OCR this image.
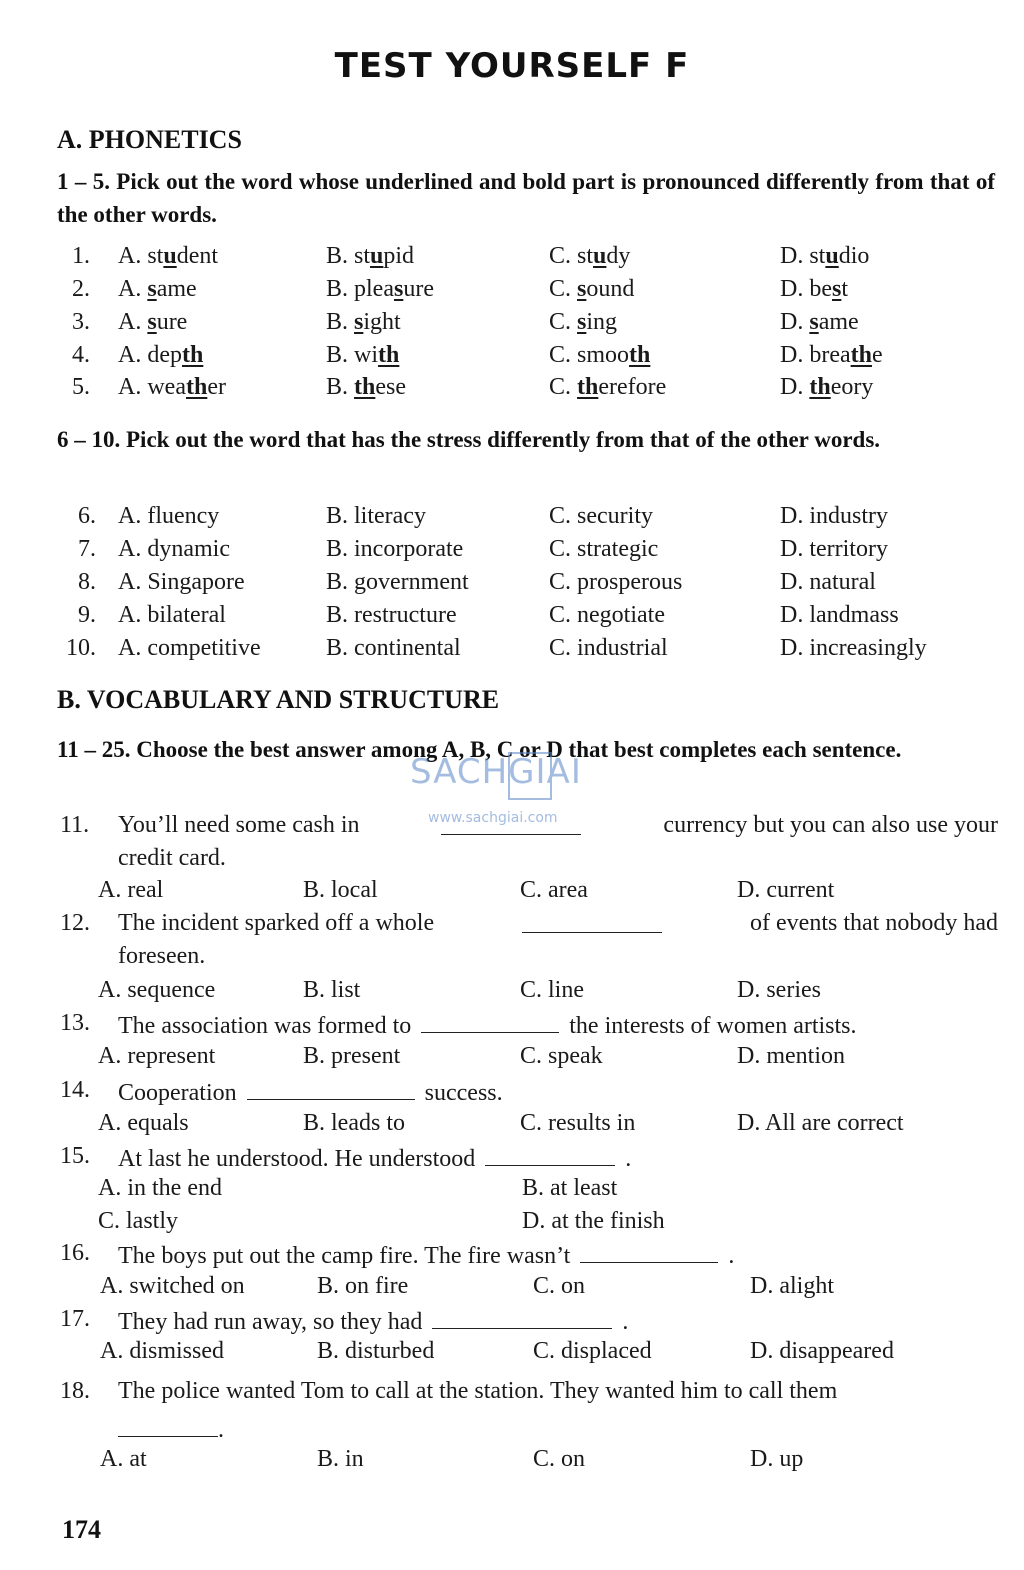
TEST YOURSELF F
A. PHONETICS
1 – 5. Pick out the word whose underlined and bold part is pronounced differently from that of the other words.
1. A. student	B. stupid	C. study	D. studio
2. A. same	B. pleasure	C. sound	D. best
3. A. sure	B. sight	C. sing	D. same
4. A. depth	B. with	C. smooth	D. breathe
5. A. weather	B. these	C. therefore	D. theory
6 – 10. Pick out the word that has the stress differently from that of the other words.
6. A. fluency	B. literacy	C. security	D. industry
7. A. dynamic	B. incorporate	C. strategic	D. territory
8. A. Singapore	B. government	C. prosperous	D. natural
9. A. bilateral	B. restructure	C. negotiate	D. landmass
10. A. competitive	B. continental	C. industrial	D. increasingly
B. VOCABULARY AND STRUCTURE
11 – 25. Choose the best answer among A, B, C or D that best completes each sentence.
11. You’ll need some cash in	currency but you can also use your
credit card.
A. real	B. local	C. area	D. current
12. The incident sparked off a whole	of events that nobody had
foreseen.
A. sequence	B. list	C. line	D. series
13. The association was formed to	the interests of women artists.
A. represent	B. present	C. speak	D. mention
14. Cooperation	success.
A. equals	B. leads to	C. results in	D. All are correct
15. At last he understood. He understood	.
A. in the end	B. at least
C. lastly	D. at the finish
16. The boys put out the camp fire. The fire wasn’t	.
A. switched on	B. on fire	C. on	D. alight
17. They had run away, so they had	.
A. dismissed	B. disturbed	C. displaced	D. disappeared
18. The police wanted Tom to call at the station. They wanted him to call them
.
A. at	B. in	C. on	D. up
174
SACHGIAI
www.sachgiai.com
